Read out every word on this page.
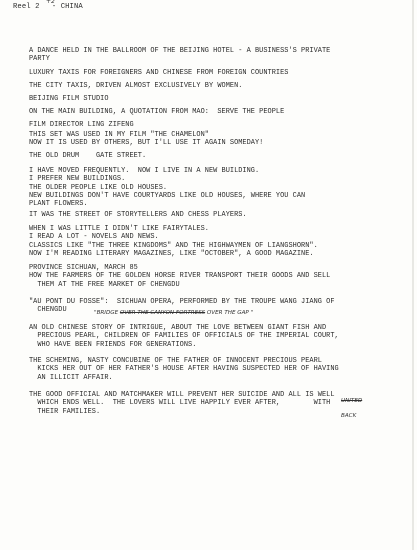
Reel 2
+2
- CHINA
A DANCE HELD IN THE BALLROOM OF THE BEIJING HOTEL - A BUSINESS'S PRIVATE
PARTY
LUXURY TAXIS FOR FOREIGNERS AND CHINESE FROM FOREIGN COUNTRIES
THE CITY TAXIS, DRIVEN ALMOST EXCLUSIVELY BY WOMEN.
BEIJING FILM STUDIO
ON THE MAIN BUILDING, A QUOTATION FROM MAO:  SERVE THE PEOPLE
FILM DIRECTOR LING ZIFENG
THIS SET WAS USED IN MY FILM "THE CHAMELON"
NOW IT IS USED BY OTHERS, BUT I'LL USE IT AGAIN SOMEDAY!
THE OLD DRUM    GATE STREET.
I HAVE MOVED FREQUENTLY.  NOW I LIVE IN A NEW BUILDING.
I PREFER NEW BUILDINGS.
THE OLDER PEOPLE LIKE OLD HOUSES.
NEW BUILDINGS DON'T HAVE COURTYARDS LIKE OLD HOUSES, WHERE YOU CAN
PLANT FLOWERS.
IT WAS THE STREET OF STORYTELLERS AND CHESS PLAYERS.
WHEN I WAS LITTLE I DIDN'T LIKE FAIRYTALES.
I READ A LOT - NOVELS AND NEWS.
CLASSICS LIKE "THE THREE KINGDOMS" AND THE HIGHWAYMEN OF LIANGSHORN".
NOW I'M READING LITERARY MAGAZINES, LIKE "OCTOBER", A GOOD MAGAZINE.
PROVINCE SICHUAN, MARCH 85
HOW THE FARMERS OF THE GOLDEN HORSE RIVER TRANSPORT THEIR GOODS AND SELL
THEM AT THE FREE MARKET OF CHENGDU
"AU PONT DU FOSSE":  SICHUAN OPERA, PERFORMED BY THE TROUPE WANG JIANG OF
CHENGDU
AN OLD CHINESE STORY OF INTRIGUE, ABOUT THE LOVE BETWEEN GIANT FISH AND
PRECIOUS PEARL, CHILDREN OF FAMILIES OF OFFICIALS OF THE IMPERIAL COURT,
WHO HAVE BEEN FRIENDS FOR GENERATIONS.
THE SCHEMING, NASTY CONCUBINE OF THE FATHER OF INNOCENT PRECIOUS PEARL
KICKS HER OUT OF HER FATHER'S HOUSE AFTER HAVING SUSPECTED HER OF HAVING
AN ILLICIT AFFAIR.
THE GOOD OFFICIAL AND MATCHMAKER WILL PREVENT HER SUICIDE AND ALL IS WELL
WHICH ENDS WELL.  THE LOVERS WILL LIVE HAPPILY EVER AFTER,        WITH
THEIR FAMILIES.
"BRIDGE OVER THE CANYON FORTRESS OVER THE GAP "
UNITED
BACK
